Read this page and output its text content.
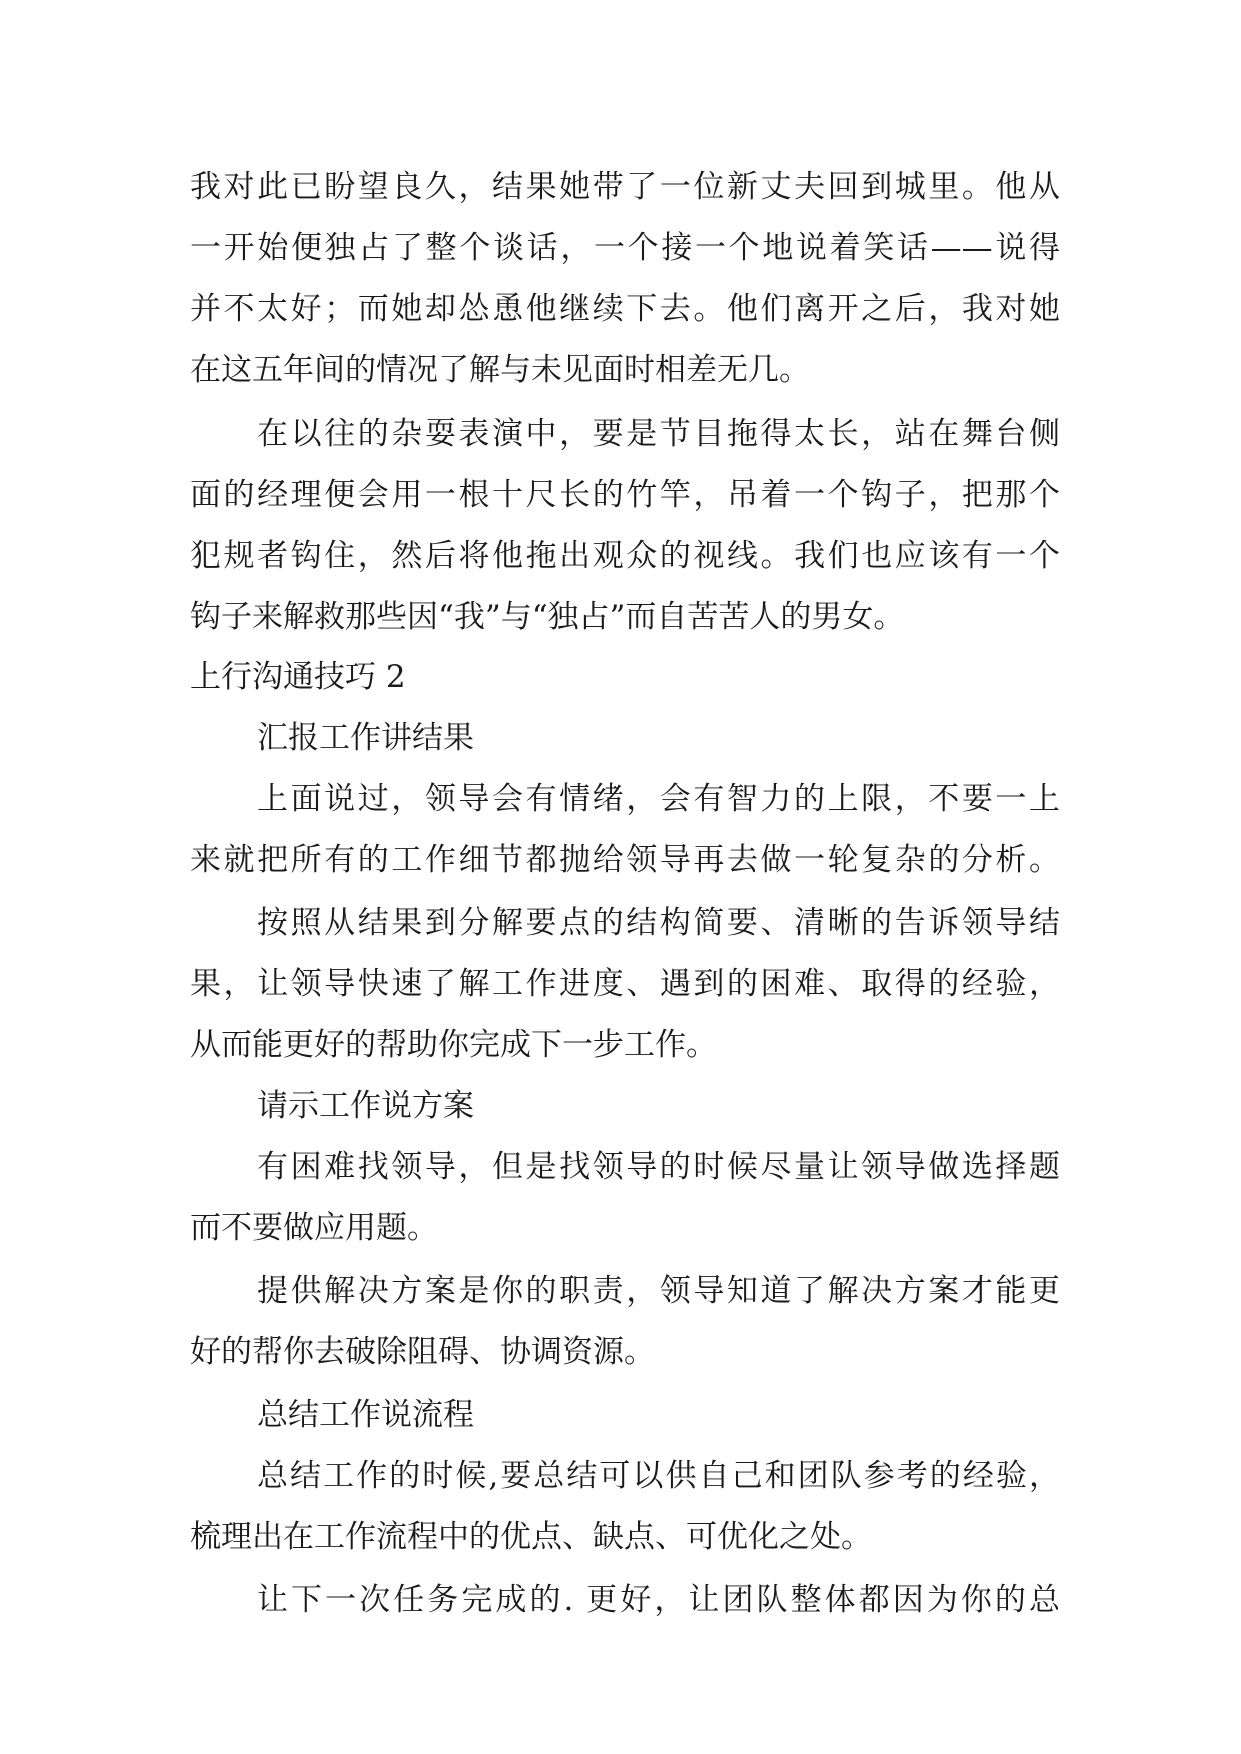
我对此已盼望良久，结果她带了一位新丈夫回到城里。他从
一开始便独占了整个谈话，一个接一个地说着笑话——说得
并不太好；而她却怂恿他继续下去。他们离开之后，我对她
在这五年间的情况了解与未见面时相差无几。
在以往的杂耍表演中，要是节目拖得太长，站在舞台侧
面的经理便会用一根十尺长的竹竿，吊着一个钩子，把那个
犯规者钩住，然后将他拖出观众的视线。我们也应该有一个
钩子来解救那些因“我”与“独占”而自苦苦人的男女。
上行沟通技巧 2
汇报工作讲结果
上面说过，领导会有情绪，会有智力的上限，不要一上
来就把所有的工作细节都抛给领导再去做一轮复杂的分析。
按照从结果到分解要点的结构简要、清晰的告诉领导结
果，让领导快速了解工作进度、遇到的困难、取得的经验，
从而能更好的帮助你完成下一步工作。
请示工作说方案
有困难找领导，但是找领导的时候尽量让领导做选择题
而不要做应用题。
提供解决方案是你的职责，领导知道了解决方案才能更
好的帮你去破除阻碍、协调资源。
总结工作说流程
总结工作的时候,要总结可以供自己和团队参考的经验，
梳理出在工作流程中的优点、缺点、可优化之处。
让下一次任务完成的. 更好，让团队整体都因为你的总
